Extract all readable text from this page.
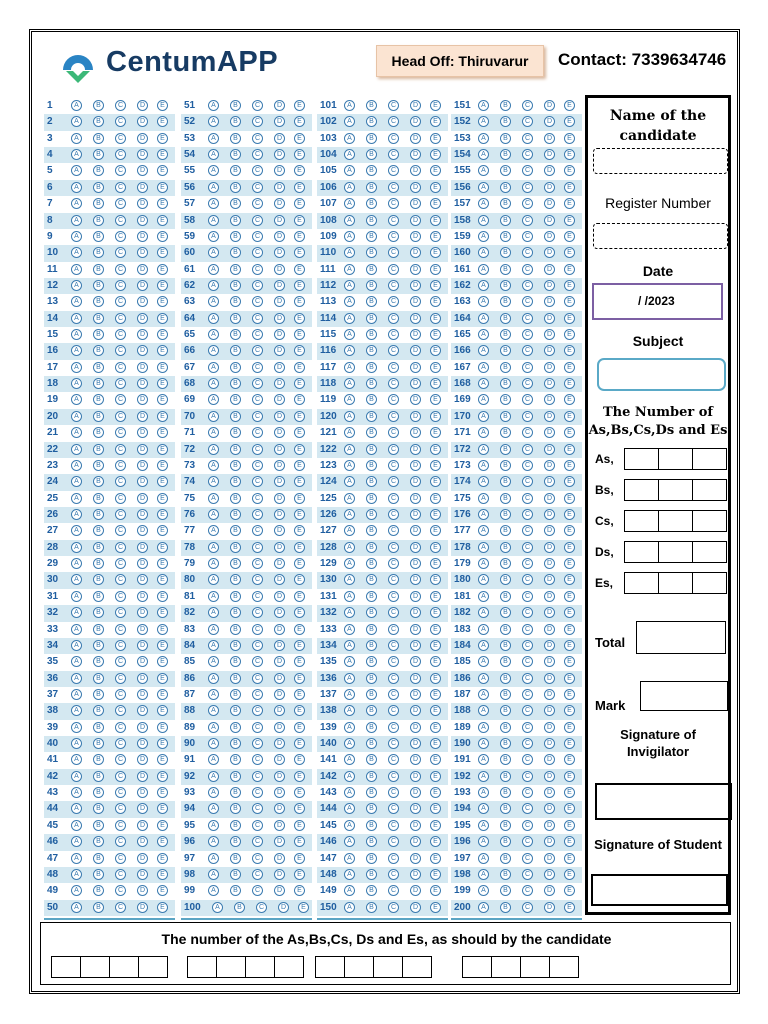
CentumAPP	Head Off: Thiruvarur	Contact: 7339634746
1	A	B	C	D	E
2	A	B	C	D	E
3	A	B	C	D	E
4	A	B	C	D	E
5	A	B	C	D	E
6	A	B	C	D	E
7	A	B	C	D	E
8	A	B	C	D	E
9	A	B	C	D	E
10	A	B	C	D	E
11	A	B	C	D	E
12	A	B	C	D	E
13	A	B	C	D	E
14	A	B	C	D	E
15	A	B	C	D	E
16	A	B	C	D	E
17	A	B	C	D	E
18	A	B	C	D	E
19	A	B	C	D	E
20	A	B	C	D	E
21	A	B	C	D	E
22	A	B	C	D	E
23	A	B	C	D	E
24	A	B	C	D	E
25	A	B	C	D	E
26	A	B	C	D	E
27	A	B	C	D	E
28	A	B	C	D	E
29	A	B	C	D	E
30	A	B	C	D	E
31	A	B	C	D	E
32	A	B	C	D	E
33	A	B	C	D	E
34	A	B	C	D	E
35	A	B	C	D	E
36	A	B	C	D	E
37	A	B	C	D	E
38	A	B	C	D	E
39	A	B	C	D	E
40	A	B	C	D	E
41	A	B	C	D	E
42	A	B	C	D	E
43	A	B	C	D	E
44	A	B	C	D	E
45	A	B	C	D	E
46	A	B	C	D	E
47	A	B	C	D	E
48	A	B	C	D	E
49	A	B	C	D	E
50	A	B	C	D	E
51	A	B	C	D	E
52	A	B	C	D	E
53	A	B	C	D	E
54	A	B	C	D	E
55	A	B	C	D	E
56	A	B	C	D	E
57	A	B	C	D	E
58	A	B	C	D	E
59	A	B	C	D	E
60	A	B	C	D	E
61	A	B	C	D	E
62	A	B	C	D	E
63	A	B	C	D	E
64	A	B	C	D	E
65	A	B	C	D	E
66	A	B	C	D	E
67	A	B	C	D	E
68	A	B	C	D	E
69	A	B	C	D	E
70	A	B	C	D	E
71	A	B	C	D	E
72	A	B	C	D	E
73	A	B	C	D	E
74	A	B	C	D	E
75	A	B	C	D	E
76	A	B	C	D	E
77	A	B	C	D	E
78	A	B	C	D	E
79	A	B	C	D	E
80	A	B	C	D	E
81	A	B	C	D	E
82	A	B	C	D	E
83	A	B	C	D	E
84	A	B	C	D	E
85	A	B	C	D	E
86	A	B	C	D	E
87	A	B	C	D	E
88	A	B	C	D	E
89	A	B	C	D	E
90	A	B	C	D	E
91	A	B	C	D	E
92	A	B	C	D	E
93	A	B	C	D	E
94	A	B	C	D	E
95	A	B	C	D	E
96	A	B	C	D	E
97	A	B	C	D	E
98	A	B	C	D	E
99	A	B	C	D	E
100	A	B	C	D	E
101	A	B	C	D	E
102	A	B	C	D	E
103	A	B	C	D	E
104	A	B	C	D	E
105	A	B	C	D	E
106	A	B	C	D	E
107	A	B	C	D	E
108	A	B	C	D	E
109	A	B	C	D	E
110	A	B	C	D	E
111	A	B	C	D	E
112	A	B	C	D	E
113	A	B	C	D	E
114	A	B	C	D	E
115	A	B	C	D	E
116	A	B	C	D	E
117	A	B	C	D	E
118	A	B	C	D	E
119	A	B	C	D	E
120	A	B	C	D	E
121	A	B	C	D	E
122	A	B	C	D	E
123	A	B	C	D	E
124	A	B	C	D	E
125	A	B	C	D	E
126	A	B	C	D	E
127	A	B	C	D	E
128	A	B	C	D	E
129	A	B	C	D	E
130	A	B	C	D	E
131	A	B	C	D	E
132	A	B	C	D	E
133	A	B	C	D	E
134	A	B	C	D	E
135	A	B	C	D	E
136	A	B	C	D	E
137	A	B	C	D	E
138	A	B	C	D	E
139	A	B	C	D	E
140	A	B	C	D	E
141	A	B	C	D	E
142	A	B	C	D	E
143	A	B	C	D	E
144	A	B	C	D	E
145	A	B	C	D	E
146	A	B	C	D	E
147	A	B	C	D	E
148	A	B	C	D	E
149	A	B	C	D	E
150	A	B	C	D	E
151	A	B	C	D	E
152	A	B	C	D	E
153	A	B	C	D	E
154	A	B	C	D	E
155	A	B	C	D	E
156	A	B	C	D	E
157	A	B	C	D	E
158	A	B	C	D	E
159	A	B	C	D	E
160	A	B	C	D	E
161	A	B	C	D	E
162	A	B	C	D	E
163	A	B	C	D	E
164	A	B	C	D	E
165	A	B	C	D	E
166	A	B	C	D	E
167	A	B	C	D	E
168	A	B	C	D	E
169	A	B	C	D	E
170	A	B	C	D	E
171	A	B	C	D	E
172	A	B	C	D	E
173	A	B	C	D	E
174	A	B	C	D	E
175	A	B	C	D	E
176	A	B	C	D	E
177	A	B	C	D	E
178	A	B	C	D	E
179	A	B	C	D	E
180	A	B	C	D	E
181	A	B	C	D	E
182	A	B	C	D	E
183	A	B	C	D	E
184	A	B	C	D	E
185	A	B	C	D	E
186	A	B	C	D	E
187	A	B	C	D	E
188	A	B	C	D	E
189	A	B	C	D	E
190	A	B	C	D	E
191	A	B	C	D	E
192	A	B	C	D	E
193	A	B	C	D	E
194	A	B	C	D	E
195	A	B	C	D	E
196	A	B	C	D	E
197	A	B	C	D	E
198	A	B	C	D	E
199	A	B	C	D	E
200	A	B	C	D	E
Name of the candidate
Register Number
Date
/ /2023
Subject
The Number of As,Bs,Cs,Ds and Es
As,
Bs,
Cs,
Ds,
Es,
Total
Mark
Signature of Invigilator
Signature of Student
The number of the As,Bs,Cs, Ds and Es, as should by the candidate
